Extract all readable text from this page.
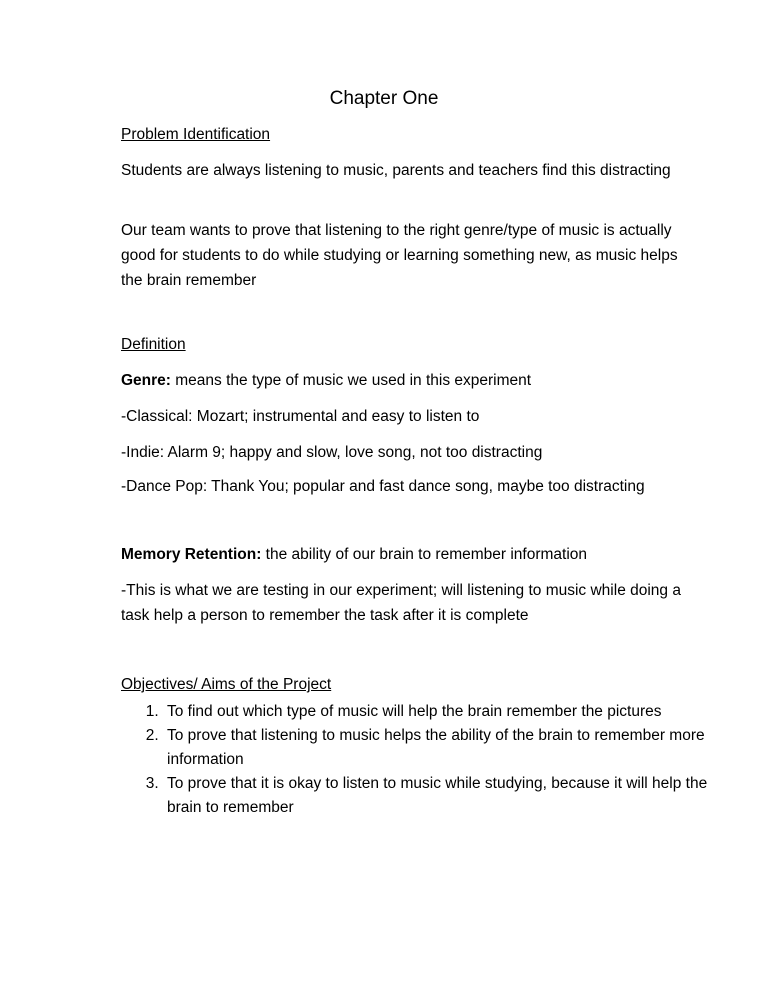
Chapter One

Problem Identification

Students are always listening to music, parents and teachers find this distracting

Our team wants to prove that listening to the right genre/type of music is actually good for students to do while studying or learning something new, as music helps the brain remember

Definition

Genre: means the type of music we used in this experiment

-Classical: Mozart; instrumental and easy to listen to

-Indie: Alarm 9; happy and slow, love song, not too distracting

-Dance Pop: Thank You; popular and fast dance song, maybe too distracting

Memory Retention: the ability of our brain to remember information

-This is what we are testing in our experiment; will listening to music while doing a task help a person to remember the task after it is complete

Objectives/ Aims of the Project

1. To find out which type of music will help the brain remember the pictures
2. To prove that listening to music helps the ability of the brain to remember more information
3. To prove that it is okay to listen to music while studying, because it will help the brain to remember
